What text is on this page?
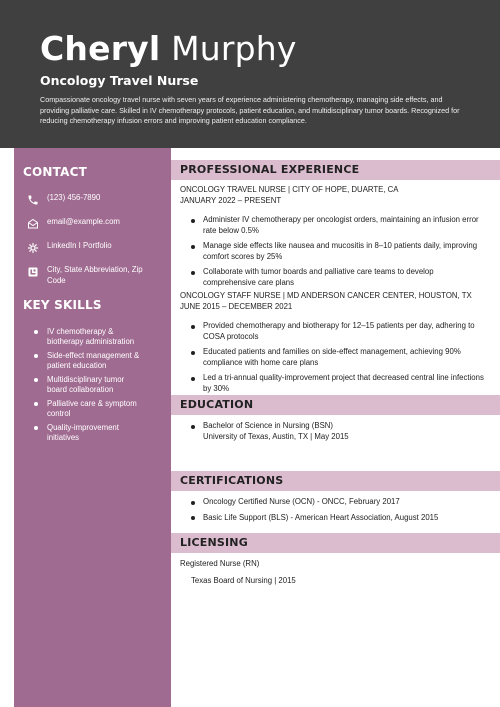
Cheryl Murphy
Oncology Travel Nurse
Compassionate oncology travel nurse with seven years of experience administering chemotherapy, managing side effects, and providing palliative care. Skilled in IV chemotherapy protocols, patient education, and multidisciplinary tumor boards. Recognized for reducing chemotherapy infusion errors and improving patient education compliance.
CONTACT
(123) 456-7890
email@example.com
LinkedIn I Portfolio
City, State Abbreviation, Zip Code
KEY SKILLS
IV chemotherapy & biotherapy administration
Side-effect management & patient education
Multidisciplinary tumor board collaboration
Palliative care & symptom control
Quality-improvement initiatives
PROFESSIONAL EXPERIENCE
ONCOLOGY TRAVEL NURSE | CITY OF HOPE, DUARTE, CA
JANUARY 2022 – PRESENT
Administer IV chemotherapy per oncologist orders, maintaining an infusion error rate below 0.5%
Manage side effects like nausea and mucositis in 8–10 patients daily, improving comfort scores by 25%
Collaborate with tumor boards and palliative care teams to develop comprehensive care plans
ONCOLOGY STAFF NURSE | MD ANDERSON CANCER CENTER, HOUSTON, TX
JUNE 2015 – DECEMBER 2021
Provided chemotherapy and biotherapy for 12–15 patients per day, adhering to COSA protocols
Educated patients and families on side-effect management, achieving 90% compliance with home care plans
Led a tri-annual quality-improvement project that decreased central line infections by 30%
EDUCATION
Bachelor of Science in Nursing (BSN)
University of Texas, Austin, TX | May 2015
CERTIFICATIONS
Oncology Certified Nurse (OCN) - ONCC, February 2017
Basic Life Support (BLS) - American Heart Association, August 2015
LICENSING
Registered Nurse (RN)
Texas Board of Nursing | 2015
